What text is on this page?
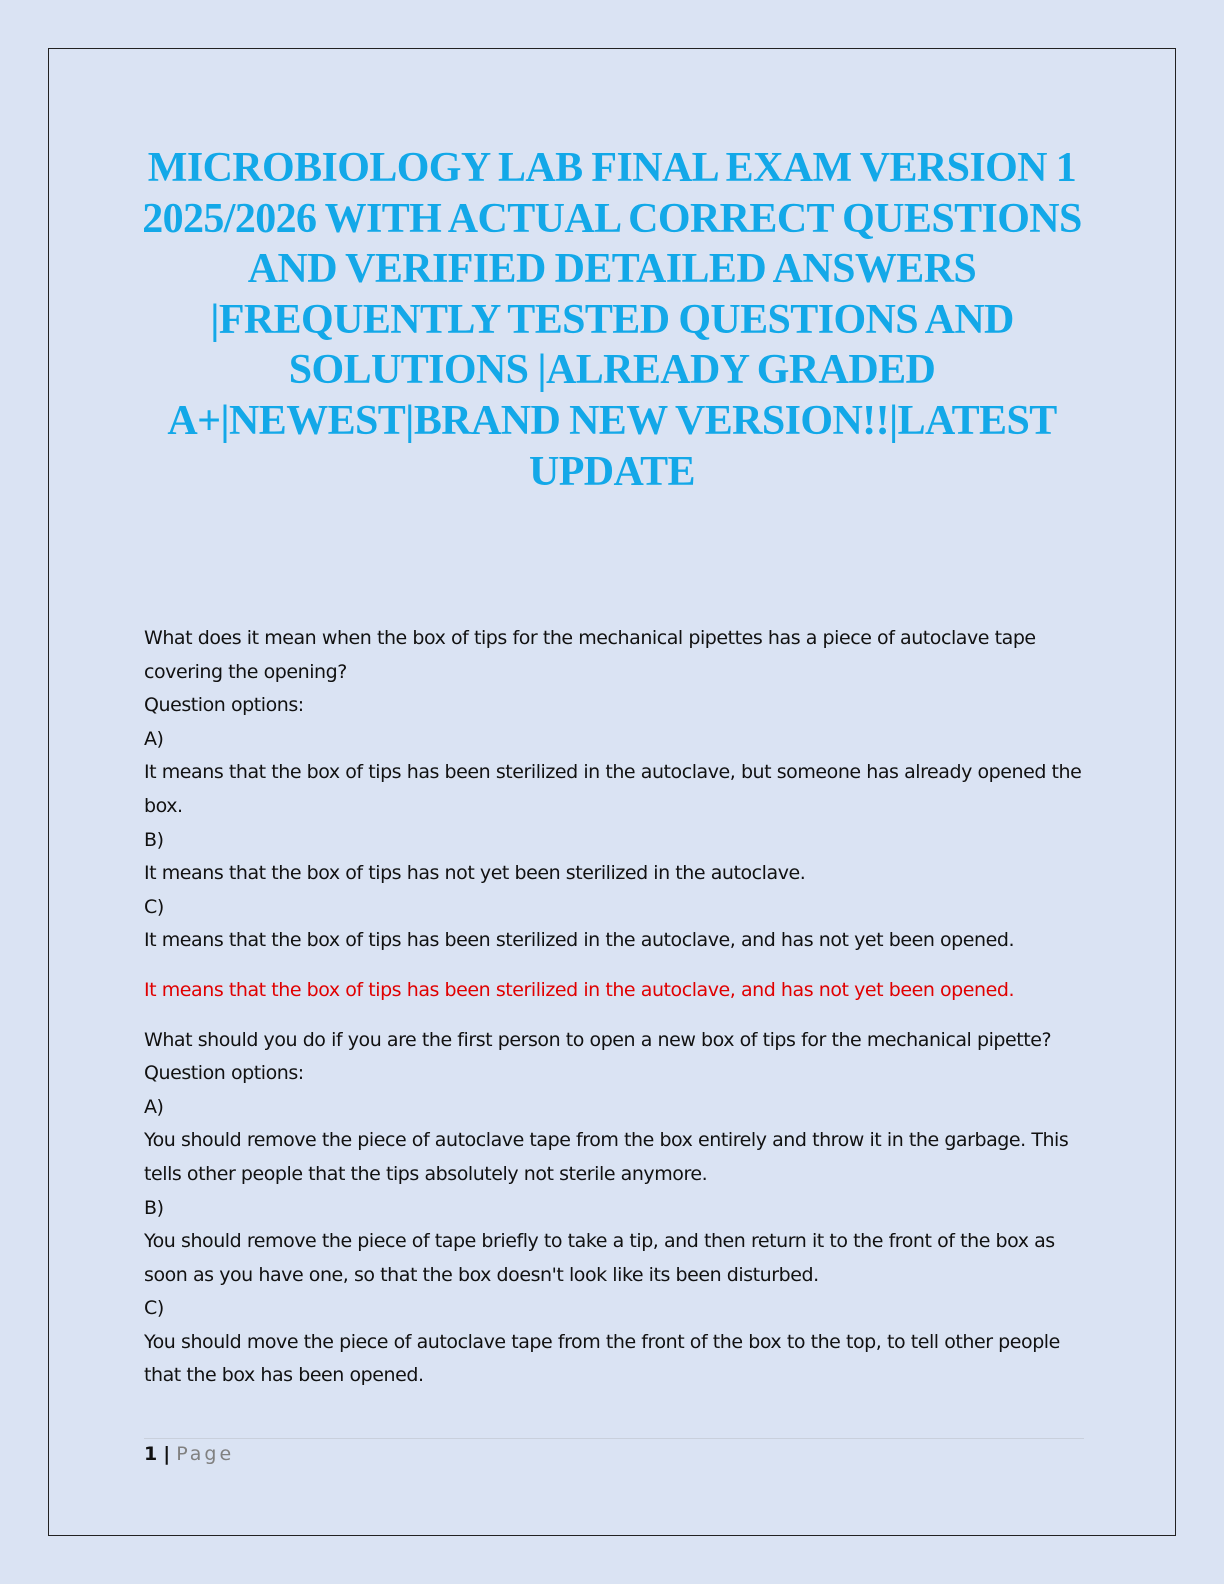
MICROBIOLOGY LAB FINAL EXAM VERSION 1 2025/2026 WITH ACTUAL CORRECT QUESTIONS AND VERIFIED DETAILED ANSWERS |FREQUENTLY TESTED QUESTIONS AND SOLUTIONS |ALREADY GRADED A+|NEWEST|BRAND NEW VERSION!!|LATEST UPDATE

What does it mean when the box of tips for the mechanical pipettes has a piece of autoclave tape covering the opening?

Question options:

A)

It means that the box of tips has been sterilized in the autoclave, but someone has already opened the box.

B)

It means that the box of tips has not yet been sterilized in the autoclave.

C)

It means that the box of tips has been sterilized in the autoclave, and has not yet been opened.

It means that the box of tips has been sterilized in the autoclave, and has not yet been opened.

What should you do if you are the first person to open a new box of tips for the mechanical pipette?

Question options:

A)

You should remove the piece of autoclave tape from the box entirely and throw it in the garbage. This tells other people that the tips absolutely not sterile anymore.

B)

You should remove the piece of tape briefly to take a tip, and then return it to the front of the box as soon as you have one, so that the box doesn't look like its been disturbed.

C)

You should move the piece of autoclave tape from the front of the box to the top, to tell other people that the box has been opened.

1 | Page
